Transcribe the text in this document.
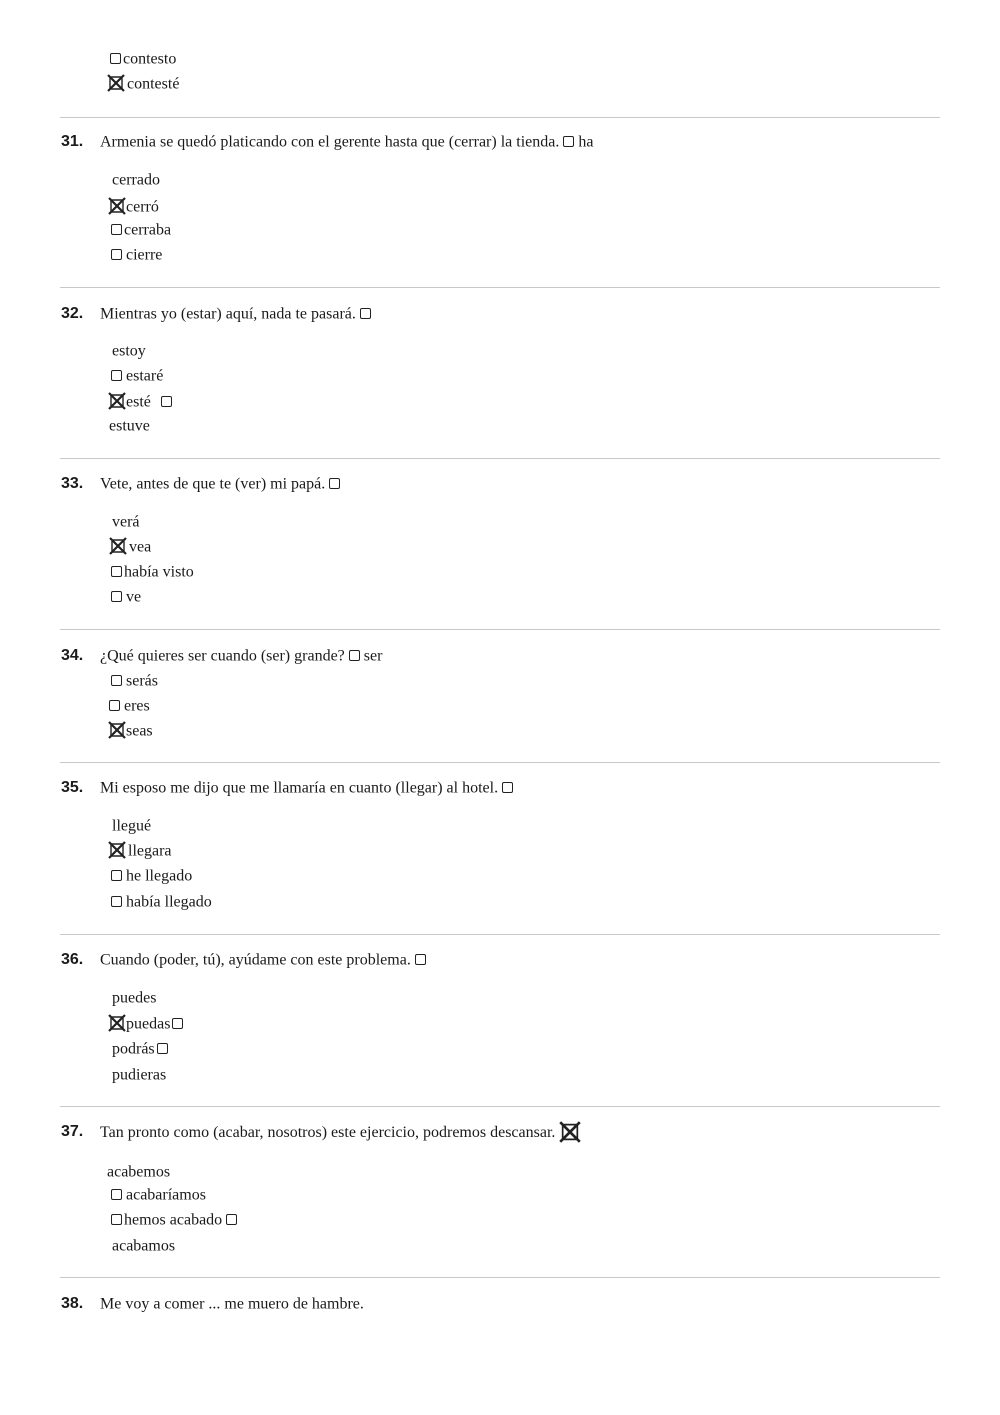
contesto
contesté
31. Armenia se quedó platicando con el gerente hasta que (cerrar) la tienda. ha
cerrado
cerró
cerraba
cierre
32. Mientras yo (estar) aquí, nada te pasará.
estoy
estaré
esté
estuve
33. Vete, antes de que te (ver) mi papá.
verá
vea
había visto
ve
34. ¿Qué quieres ser cuando (ser) grande? ser
serás
eres
seas
35. Mi esposo me dijo que me llamaría en cuanto (llegar) al hotel.
llegué
llegara
he llegado
había llegado
36. Cuando (poder, tú), ayúdame con este problema.
puedes
puedas
podrás
pudieras
37. Tan pronto como (acabar, nosotros) este ejercicio, podremos descansar.
acabemos
acabaríamos
hemos acabado
acabamos
38. Me voy a comer ... me muero de hambre.
